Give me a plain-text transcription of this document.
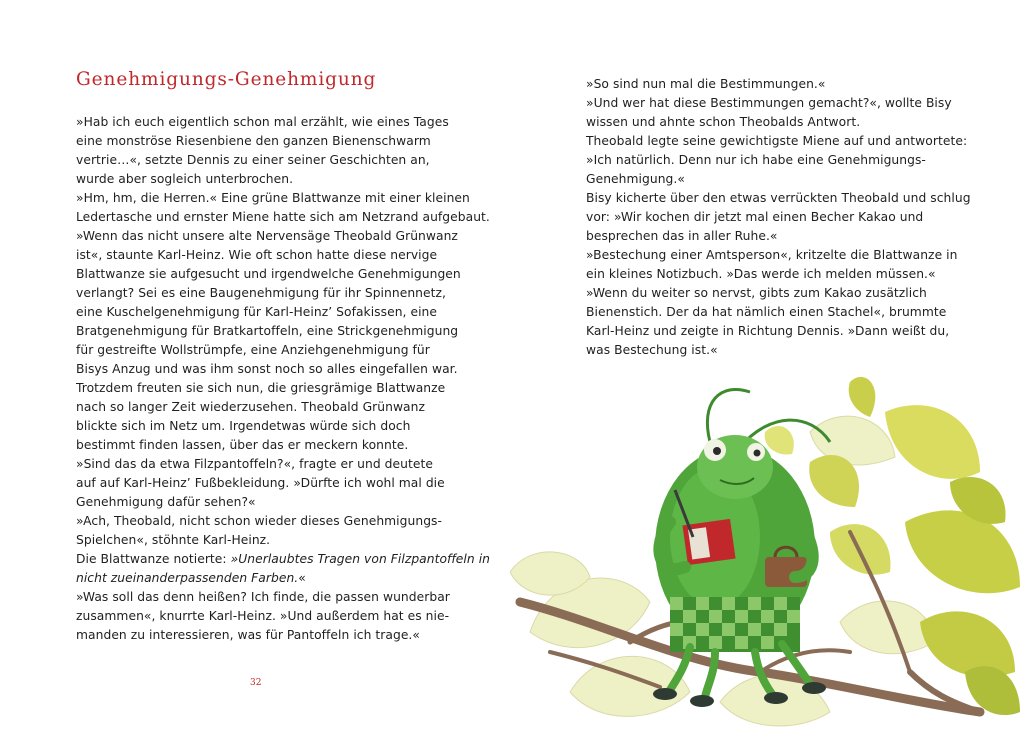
Genehmigungs-Genehmigung
»Hab ich euch eigentlich schon mal erzählt, wie eines Tages
eine monströse Riesenbiene den ganzen Bienenschwarm
vertrie…«, setzte Dennis zu einer seiner Geschichten an,
wurde aber sogleich unterbrochen.
»Hm, hm, die Herren.« Eine grüne Blattwanze mit einer kleinen
Ledertasche und ernster Miene hatte sich am Netzrand aufgebaut.
»Wenn das nicht unsere alte Nervensäge Theobald Grünwanz
ist«, staunte Karl-Heinz. Wie oft schon hatte diese nervige
Blattwanze sie aufgesucht und irgendwelche Genehmigungen
verlangt? Sei es eine Baugenehmigung für ihr Spinnennetz,
eine Kuschelgenehmigung für Karl-Heinz’ Sofakissen, eine
Bratgenehmigung für Bratkartoffeln, eine Strickgenehmigung
für gestreifte Wollstrümpfe, eine Anziehgenehmigung für
Bisys Anzug und was ihm sonst noch so alles eingefallen war.
Trotzdem freuten sie sich nun, die griesgrämige Blattwanze
nach so langer Zeit wiederzusehen. Theobald Grünwanz
blickte sich im Netz um. Irgendetwas würde sich doch
bestimmt finden lassen, über das er meckern konnte.
»Sind das da etwa Filzpantoffeln?«, fragte er und deutete
auf auf Karl-Heinz’ Fußbekleidung. »Dürfte ich wohl mal die
Genehmigung dafür sehen?«
»Ach, Theobald, nicht schon wieder dieses Genehmigungs-
Spielchen«, stöhnte Karl-Heinz.
Die Blattwanze notierte: »Unerlaubtes Tragen von Filzpantoffeln in
nicht zueinanderpassenden Farben.«
»Was soll das denn heißen? Ich finde, die passen wunderbar
zusammen«, knurrte Karl-Heinz. »Und außerdem hat es nie-
manden zu interessieren, was für Pantoffeln ich trage.«
32
»So sind nun mal die Bestimmungen.«
»Und wer hat diese Bestimmungen gemacht?«, wollte Bisy
wissen und ahnte schon Theobalds Antwort.
Theobald legte seine gewichtigste Miene auf und antwortete:
»Ich natürlich. Denn nur ich habe eine Genehmigungs-
Genehmigung.«
Bisy kicherte über den etwas verrückten Theobald und schlug
vor: »Wir kochen dir jetzt mal einen Becher Kakao und
besprechen das in aller Ruhe.«
»Bestechung einer Amtsperson«, kritzelte die Blattwanze in
ein kleines Notizbuch. »Das werde ich melden müssen.«
»Wenn du weiter so nervst, gibts zum Kakao zusätzlich
Bienenstich. Der da hat nämlich einen Stachel«, brummte
Karl-Heinz und zeigte in Richtung Dennis. »Dann weißt du,
was Bestechung ist.«
